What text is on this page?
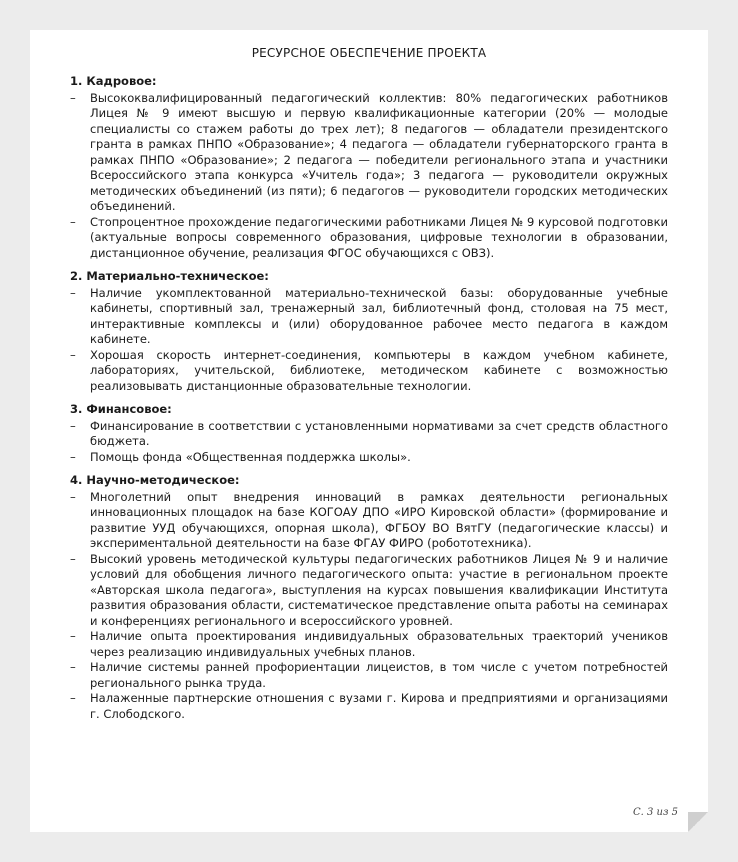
РЕСУРСНОЕ ОБЕСПЕЧЕНИЕ ПРОЕКТА
1. Кадровое:
– Высококвалифицированный педагогический коллектив: 80% педагогических работников Лицея № 9 имеют высшую и первую квалификационные категории (20% — молодые специалисты со стажем работы до трех лет); 8 педагогов — обладатели президентского гранта в рамках ПНПО «Образование»; 4 педагога — обладатели губернаторского гранта в рамках ПНПО «Образование»; 2 педагога — победители регионального этапа и участники Всероссийского этапа конкурса «Учитель года»; 3 педагога — руководители окружных методических объединений (из пяти); 6 педагогов — руководители городских методических объединений.
– Стопроцентное прохождение педагогическими работниками Лицея № 9 курсовой подготовки (актуальные вопросы современного образования, цифровые технологии в образовании, дистанционное обучение, реализация ФГОС обучающихся с ОВЗ).
2. Материально-техническое:
– Наличие укомплектованной материально-технической базы: оборудованные учебные кабинеты, спортивный зал, тренажерный зал, библиотечный фонд, столовая на 75 мест, интерактивные комплексы и (или) оборудованное рабочее место педагога в каждом кабинете.
– Хорошая скорость интернет-соединения, компьютеры в каждом учебном кабинете, лабораториях, учительской, библиотеке, методическом кабинете с возможностью реализовывать дистанционные образовательные технологии.
3. Финансовое:
– Финансирование в соответствии с установленными нормативами за счет средств областного бюджета.
– Помощь фонда «Общественная поддержка школы».
4. Научно-методическое:
– Многолетний опыт внедрения инноваций в рамках деятельности региональных инновационных площадок на базе КОГОАУ ДПО «ИРО Кировской области» (формирование и развитие УУД обучающихся, опорная школа), ФГБОУ ВО ВятГУ (педагогические классы) и экспериментальной деятельности на базе ФГАУ ФИРО (робототехника).
– Высокий уровень методической культуры педагогических работников Лицея № 9 и наличие условий для обобщения личного педагогического опыта: участие в региональном проекте «Авторская школа педагога», выступления на курсах повышения квалификации Института развития образования области, систематическое представление опыта работы на семинарах и конференциях регионального и всероссийского уровней.
– Наличие опыта проектирования индивидуальных образовательных траекторий учеников через реализацию индивидуальных учебных планов.
– Наличие системы ранней профориентации лицеистов, в том числе с учетом потребностей регионального рынка труда.
– Налаженные партнерские отношения с вузами г. Кирова и предприятиями и организациями г. Слободского.
С. 3 из 5
